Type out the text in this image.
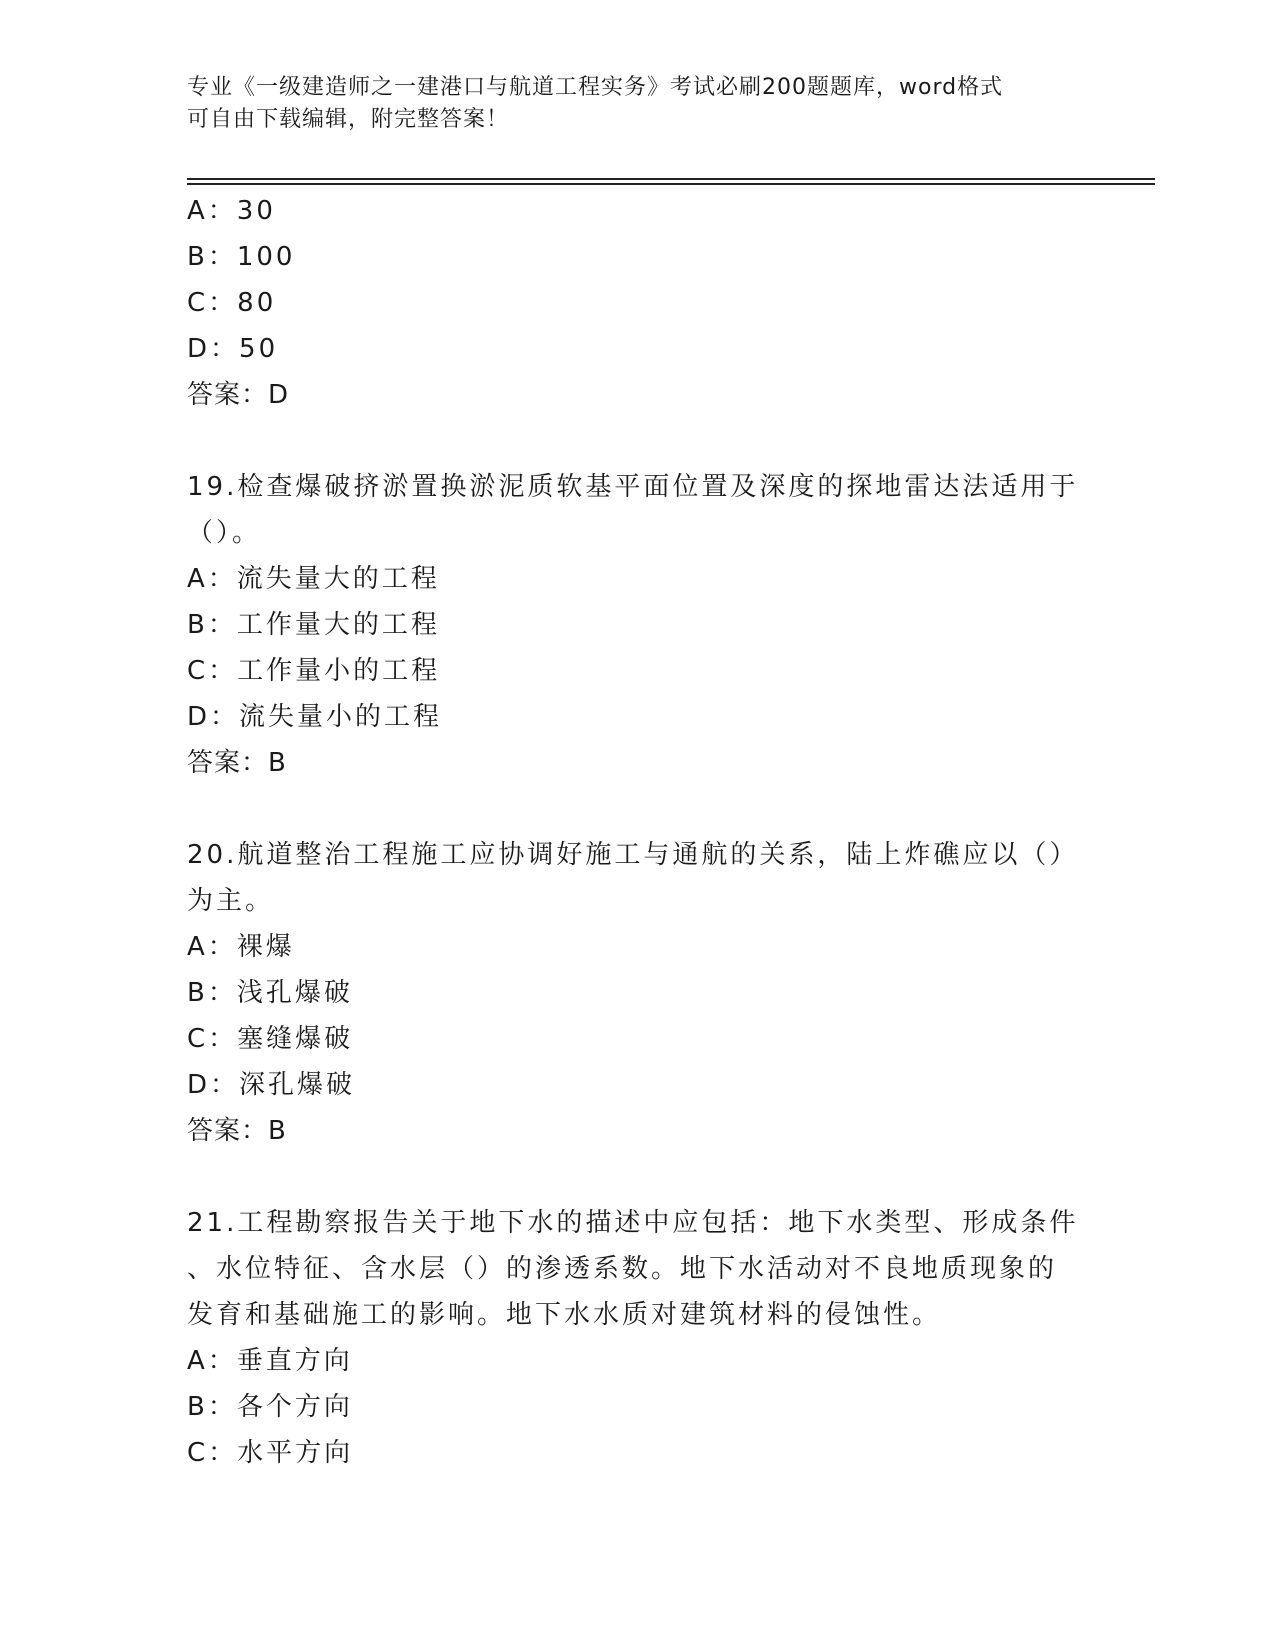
专业《一级建造师之一建港口与航道工程实务》考试必刷200题题库，word格式
可自由下载编辑，附完整答案！
A：30
B：100
C：80
D：50
答案：D
19.检查爆破挤淤置换淤泥质软基平面位置及深度的探地雷达法适用于
（）。
A：流失量大的工程
B：工作量大的工程
C：工作量小的工程
D：流失量小的工程
答案：B
20.航道整治工程施工应协调好施工与通航的关系，陆上炸礁应以（）
为主。
A：裸爆
B：浅孔爆破
C：塞缝爆破
D：深孔爆破
答案：B
21.工程勘察报告关于地下水的描述中应包括：地下水类型、形成条件
、水位特征、含水层（）的渗透系数。地下水活动对不良地质现象的
发育和基础施工的影响。地下水水质对建筑材料的侵蚀性。
A：垂直方向
B：各个方向
C：水平方向
